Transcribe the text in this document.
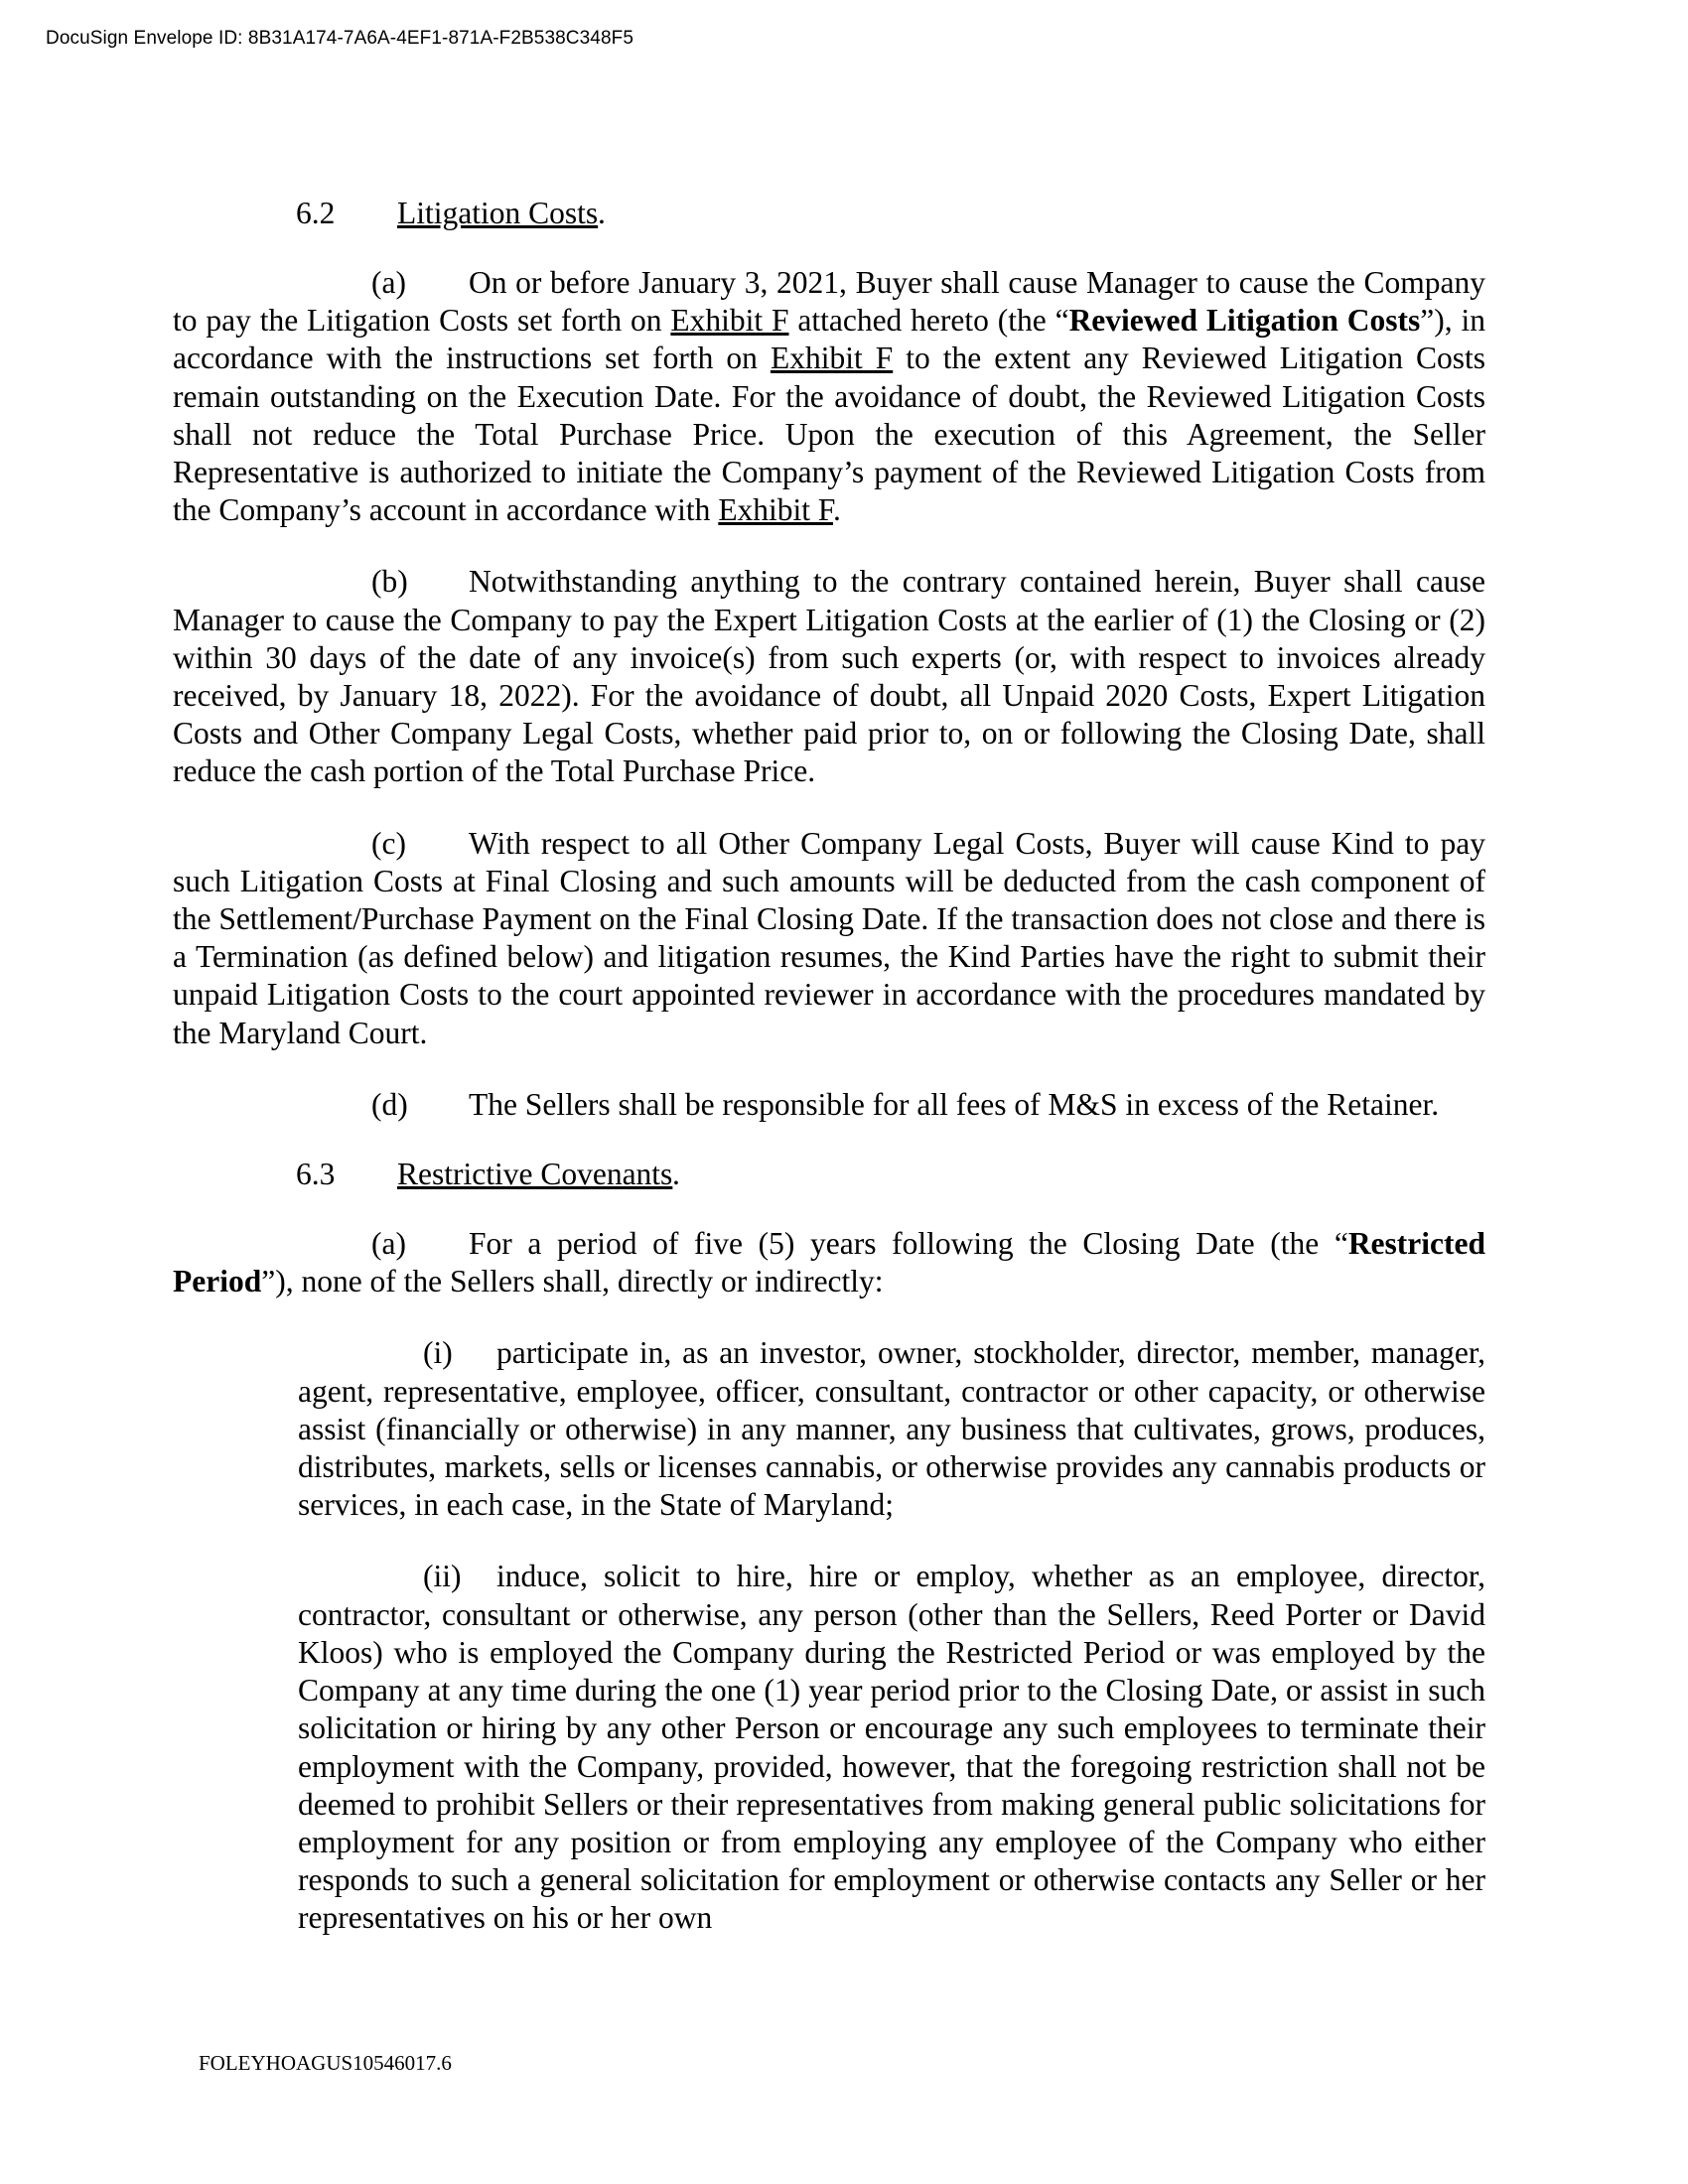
DocuSign Envelope ID: 8B31A174-7A6A-4EF1-871A-F2B538C348F5
6.2 Litigation Costs .

(a) On or before January 3, 2021, Buyer shall cause Manager to cause the Company to pay the Litigation Costs set forth on Exhibit F attached hereto (the “Reviewed Litigation Costs”), in accordance with the instructions set forth on Exhibit F to the extent any Reviewed Litigation Costs remain outstanding on the Execution Date. For the avoidance of doubt, the Reviewed Litigation Costs shall not reduce the Total Purchase Price. Upon the execution of this Agreement, the Seller Representative is authorized to initiate the Company’s payment of the Reviewed Litigation Costs from the Company’s account in accordance with Exhibit F.

(b) Notwithstanding anything to the contrary contained herein, Buyer shall cause Manager to cause the Company to pay the Expert Litigation Costs at the earlier of (1) the Closing or (2) within 30 days of the date of any invoice(s) from such experts (or, with respect to invoices already received, by January 18, 2022). For the avoidance of doubt, all Unpaid 2020 Costs, Expert Litigation Costs and Other Company Legal Costs, whether paid prior to, on or following the Closing Date, shall reduce the cash portion of the Total Purchase Price.

(c) With respect to all Other Company Legal Costs, Buyer will cause Kind to pay such Litigation Costs at Final Closing and such amounts will be deducted from the cash component of the Settlement/Purchase Payment on the Final Closing Date. If the transaction does not close and there is a Termination (as defined below) and litigation resumes, the Kind Parties have the right to submit their unpaid Litigation Costs to the court appointed reviewer in accordance with the procedures mandated by the Maryland Court.

(d) The Sellers shall be responsible for all fees of M&S in excess of the Retainer.

6.3 Restrictive Covenants .

(a) For a period of five (5) years following the Closing Date (the “Restricted Period”), none of the Sellers shall, directly or indirectly:

(i) participate in, as an investor, owner, stockholder, director, member, manager, agent, representative, employee, officer, consultant, contractor or other capacity, or otherwise assist (financially or otherwise) in any manner, any business that cultivates, grows, produces, distributes, markets, sells or licenses cannabis, or otherwise provides any cannabis products or services, in each case, in the State of Maryland;

(ii) induce, solicit to hire, hire or employ, whether as an employee, director, contractor, consultant or otherwise, any person (other than the Sellers, Reed Porter or David Kloos) who is employed the Company during the Restricted Period or was employed by the Company at any time during the one (1) year period prior to the Closing Date, or assist in such solicitation or hiring by any other Person or encourage any such employees to terminate their employment with the Company, provided, however, that the foregoing restriction shall not be deemed to prohibit Sellers or their representatives from making general public solicitations for employment for any position or from employing any employee of the Company who either responds to such a general solicitation for employment or otherwise contacts any Seller or her representatives on his or her own

FOLEYHOAGUS10546017.6
